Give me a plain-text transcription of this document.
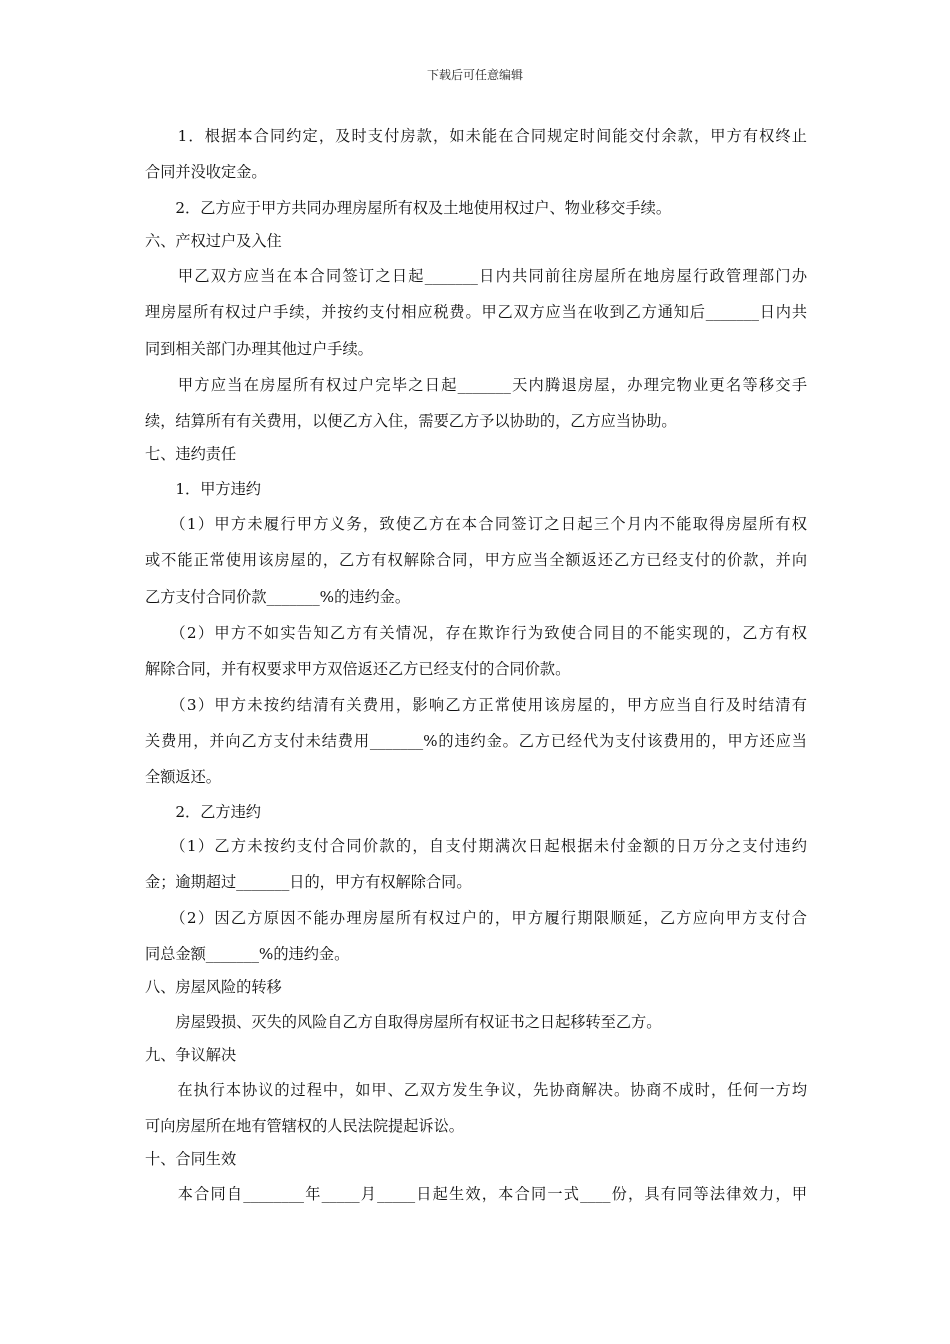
下载后可任意编辑
　　1．根据本合同约定，及时支付房款，如未能在合同规定时间能交付余款，甲方有权终止
合同并没收定金。
　　2．乙方应于甲方共同办理房屋所有权及土地使用权过户、物业移交手续。
六、产权过户及入住
　　甲乙双方应当在本合同签订之日起_______日内共同前往房屋所在地房屋行政管理部门办
理房屋所有权过户手续，并按约支付相应税费。甲乙双方应当在收到乙方通知后_______日内共
同到相关部门办理其他过户手续。
　　甲方应当在房屋所有权过户完毕之日起_______天内腾退房屋，办理完物业更名等移交手
续，结算所有有关费用，以便乙方入住，需要乙方予以协助的，乙方应当协助。
七、违约责任
　　1．甲方违约
　　（1）甲方未履行甲方义务，致使乙方在本合同签订之日起三个月内不能取得房屋所有权
或不能正常使用该房屋的，乙方有权解除合同，甲方应当全额返还乙方已经支付的价款，并向
乙方支付合同价款_______%的违约金。
　　（2）甲方不如实告知乙方有关情况，存在欺诈行为致使合同目的不能实现的，乙方有权
解除合同，并有权要求甲方双倍返还乙方已经支付的合同价款。
　　（3）甲方未按约结清有关费用，影响乙方正常使用该房屋的，甲方应当自行及时结清有
关费用，并向乙方支付未结费用_______%的违约金。乙方已经代为支付该费用的，甲方还应当
全额返还。
　　2．乙方违约
　　（1）乙方未按约支付合同价款的，自支付期满次日起根据未付金额的日万分之支付违约
金；逾期超过_______日的，甲方有权解除合同。
　　（2）因乙方原因不能办理房屋所有权过户的，甲方履行期限顺延，乙方应向甲方支付合
同总金额_______%的违约金。
八、房屋风险的转移
　　房屋毁损、灭失的风险自乙方自取得房屋所有权证书之日起移转至乙方。
九、争议解决
　　在执行本协议的过程中，如甲、乙双方发生争议，先协商解决。协商不成时，任何一方均
可向房屋所在地有管辖权的人民法院提起诉讼。
十、合同生效
　　本合同自________年_____月_____日起生效，本合同一式____份，具有同等法律效力，甲
